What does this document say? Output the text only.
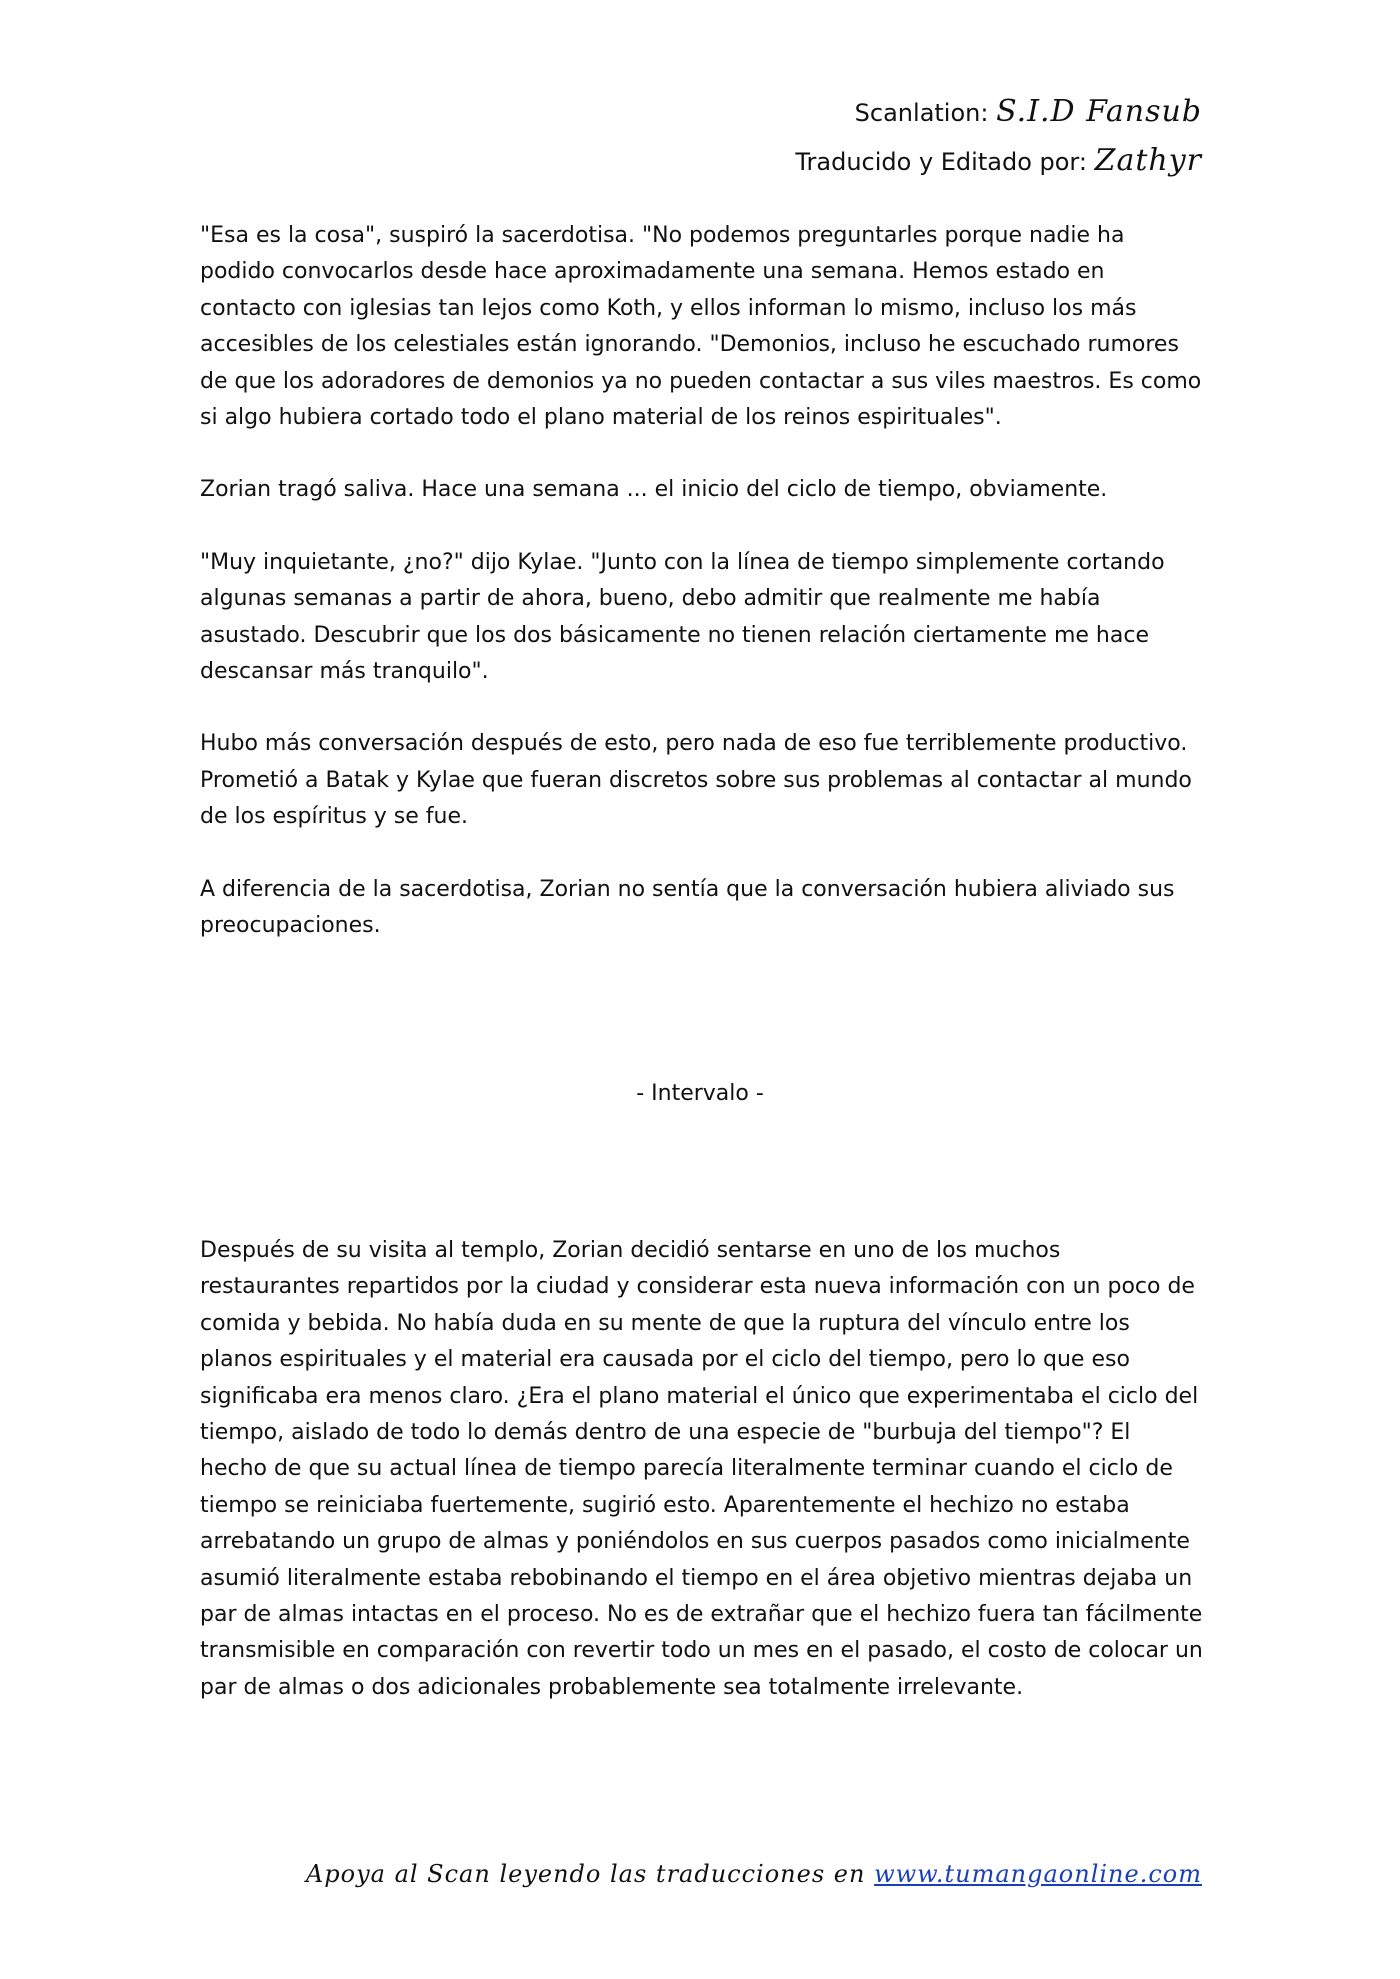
Scanlation: S.I.D Fansub
Traducido y Editado por: Zathyr

"Esa es la cosa", suspiró la sacerdotisa. "No podemos preguntarles porque nadie ha podido convocarlos desde hace aproximadamente una semana. Hemos estado en contacto con iglesias tan lejos como Koth, y ellos informan lo mismo, incluso los más accesibles de los celestiales están ignorando. "Demonios, incluso he escuchado rumores de que los adoradores de demonios ya no pueden contactar a sus viles maestros. Es como si algo hubiera cortado todo el plano material de los reinos espirituales".

Zorian tragó saliva. Hace una semana ... el inicio del ciclo de tiempo, obviamente.

"Muy inquietante, ¿no?" dijo Kylae. "Junto con la línea de tiempo simplemente cortando algunas semanas a partir de ahora, bueno, debo admitir que realmente me había asustado. Descubrir que los dos básicamente no tienen relación ciertamente me hace descansar más tranquilo".

Hubo más conversación después de esto, pero nada de eso fue terriblemente productivo. Prometió a Batak y Kylae que fueran discretos sobre sus problemas al contactar al mundo de los espíritus y se fue.

A diferencia de la sacerdotisa, Zorian no sentía que la conversación hubiera aliviado sus preocupaciones.

- Intervalo -

Después de su visita al templo, Zorian decidió sentarse en uno de los muchos restaurantes repartidos por la ciudad y considerar esta nueva información con un poco de comida y bebida. No había duda en su mente de que la ruptura del vínculo entre los planos espirituales y el material era causada por el ciclo del tiempo, pero lo que eso significaba era menos claro. ¿Era el plano material el único que experimentaba el ciclo del tiempo, aislado de todo lo demás dentro de una especie de "burbuja del tiempo"? El hecho de que su actual línea de tiempo parecía literalmente terminar cuando el ciclo de tiempo se reiniciaba fuertemente, sugirió esto. Aparentemente el hechizo no estaba arrebatando un grupo de almas y poniéndolos en sus cuerpos pasados como inicialmente asumió literalmente estaba rebobinando el tiempo en el área objetivo mientras dejaba un par de almas intactas en el proceso. No es de extrañar que el hechizo fuera tan fácilmente transmisible en comparación con revertir todo un mes en el pasado, el costo de colocar un par de almas o dos adicionales probablemente sea totalmente irrelevante.

Apoya al Scan leyendo las traducciones en www.tumangaonline.com
